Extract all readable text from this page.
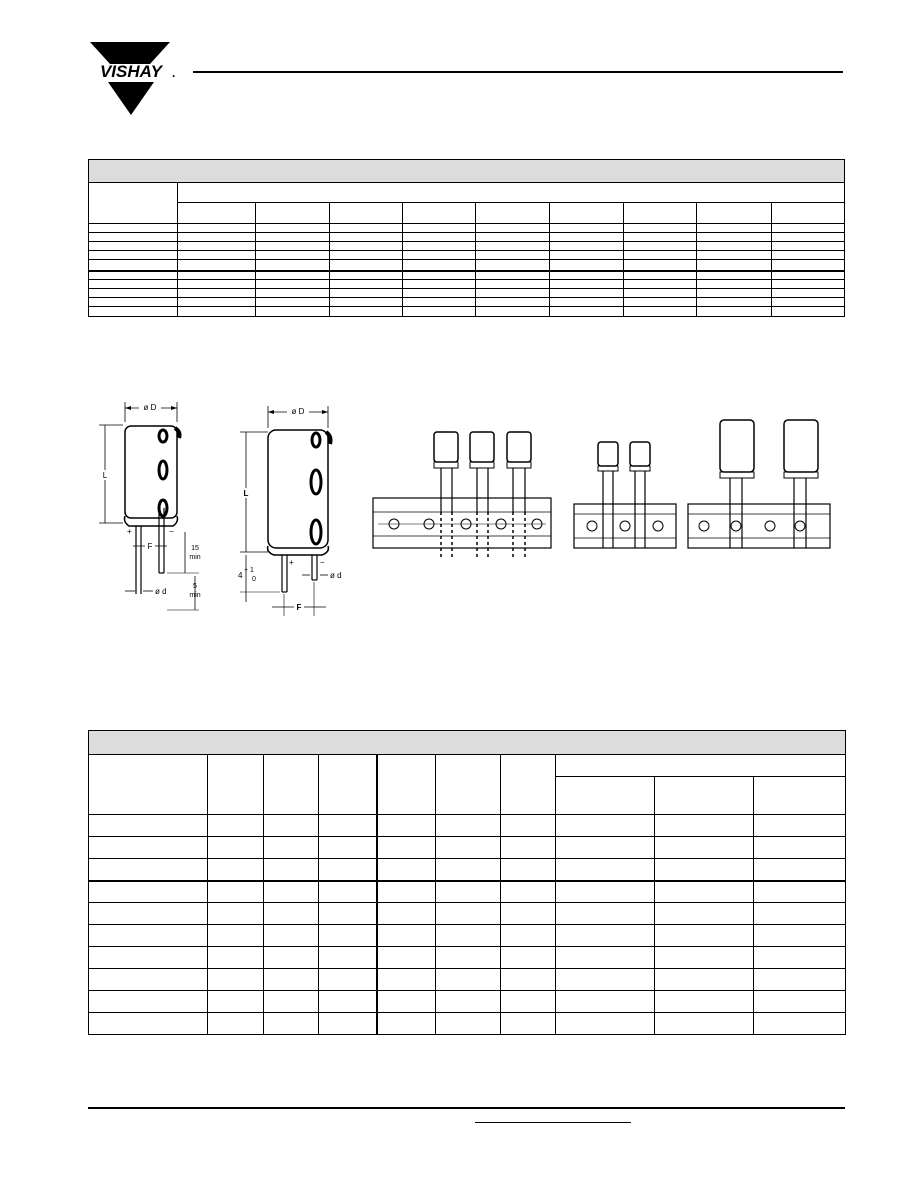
VISHAY .

ø D
L
+	−
F	15
min
5
min
ø d
ø D
L
+	−
4
+ 1
0	ø d
F
